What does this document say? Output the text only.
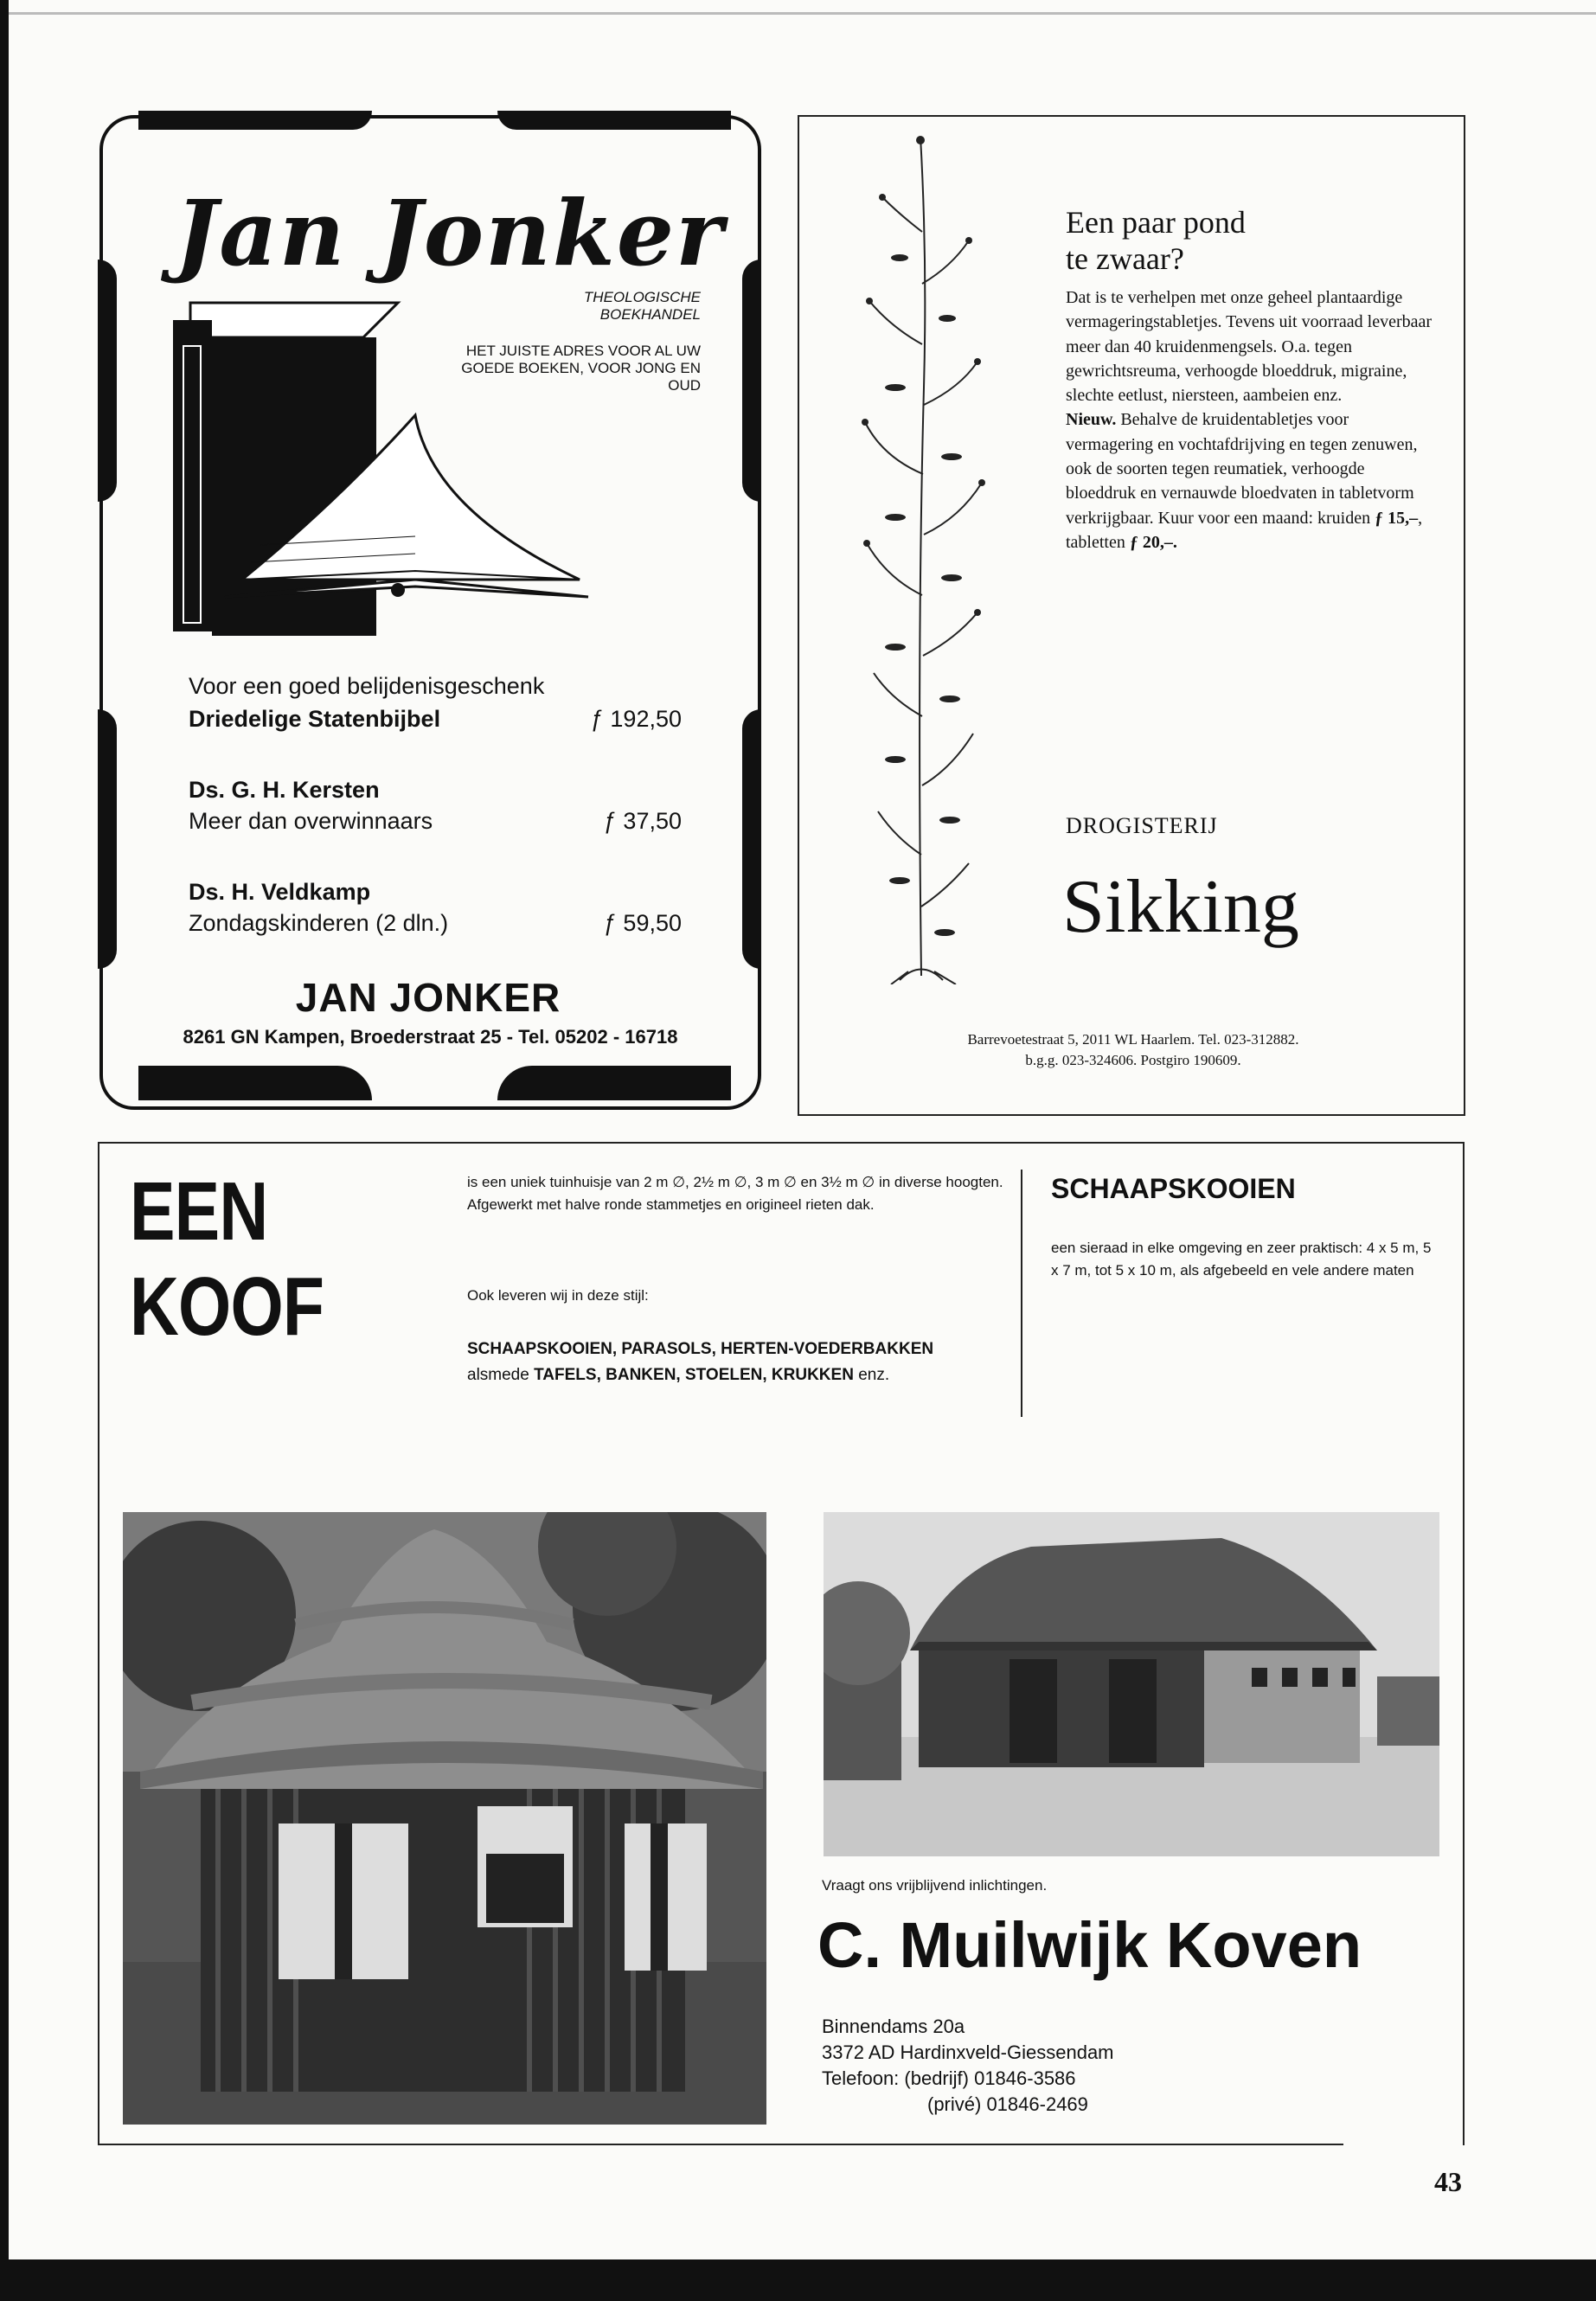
Jan Jonker
THEOLOGISCHE BOEKHANDEL
HET JUISTE ADRES VOOR AL UW GOEDE BOEKEN, VOOR JONG EN OUD
Voor een goed belijdenisgeschenk
Driedelige Statenbijbel	ƒ 192,50
Ds. G. H. Kersten
Meer dan overwinnaars	ƒ 37,50
Ds. H. Veldkamp
Zondagskinderen (2 dln.)	ƒ 59,50
JAN JONKER
8261 GN Kampen, Broederstraat 25 - Tel. 05202 - 16718
Een paar pond
te zwaar?
Dat is te verhelpen met onze geheel plantaardige vermageringstabletjes. Tevens uit voorraad leverbaar meer dan 40 kruidenmengsels. O.a. tegen gewrichtsreuma, verhoogde bloeddruk, migraine, slechte eetlust, niersteen, aambeien enz.
Nieuw. Behalve de kruidentabletjes voor vermagering en vochtafdrijving en tegen zenuwen, ook de soorten tegen reumatiek, verhoogde bloeddruk en vernauwde bloedvaten in tabletvorm verkrijgbaar. Kuur voor een maand: kruiden ƒ 15,–, tabletten ƒ 20,–.
DROGISTERIJ
Sikking
Barrevoetestraat 5, 2011 WL Haarlem. Tel. 023-312882.
b.g.g. 023-324606. Postgiro 190609.
EEN KOOF
is een uniek tuinhuisje van 2 m ∅, 2½ m ∅, 3 m ∅ en 3½ m ∅ in diverse hoogten. Afgewerkt met halve ronde stammetjes en origineel rieten dak.
Ook leveren wij in deze stijl:
SCHAAPSKOOIEN, PARASOLS, HERTEN-VOEDERBAKKEN alsmede TAFELS, BANKEN, STOELEN, KRUKKEN enz.
SCHAAPSKOOIEN
een sieraad in elke omgeving en zeer praktisch: 4 x 5 m, 5 x 7 m, tot 5 x 10 m, als afgebeeld en vele andere maten
Vraagt ons vrijblijvend inlichtingen.
C. Muilwijk Koven
Binnendams 20a
3372 AD Hardinxveld-Giessendam
Telefoon: (bedrijf) 01846-3586
(privé) 01846-2469
43
